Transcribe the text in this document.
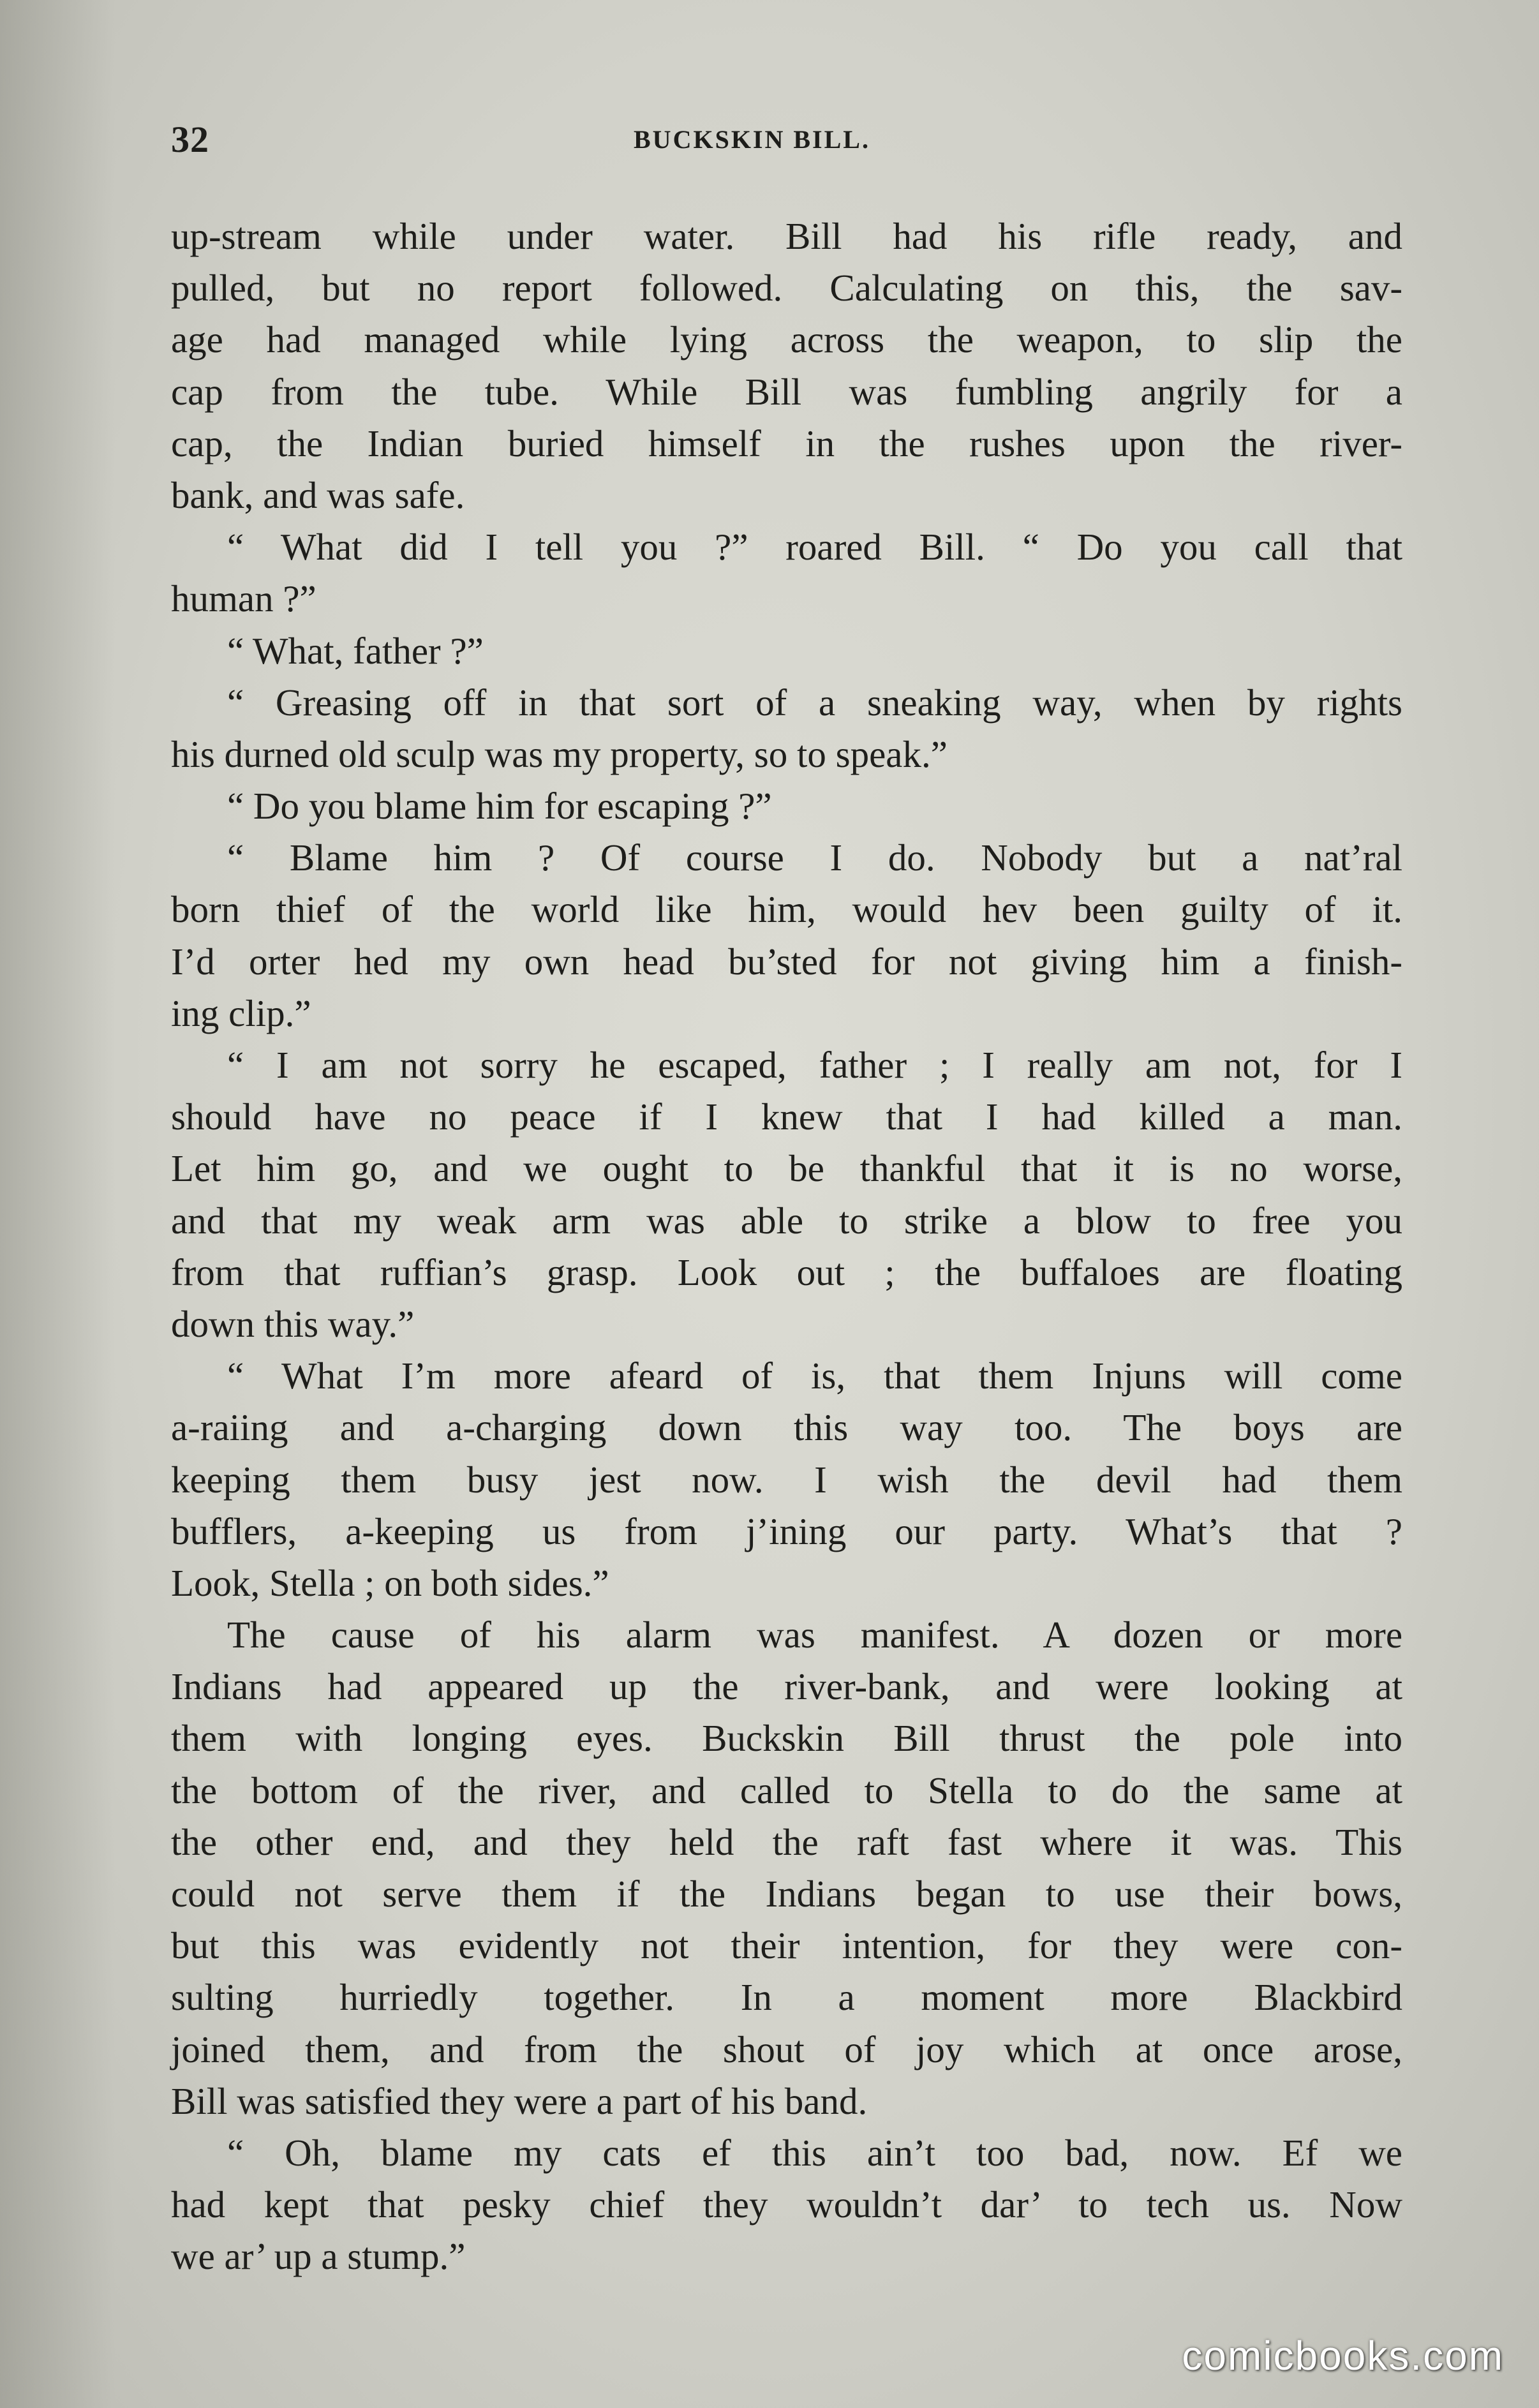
32	BUCKSKIN BILL.
up-stream while under water. Bill had his rifle ready, and
pulled, but no report followed. Calculating on this, the sav-
age had managed while lying across the weapon, to slip the
cap from the tube. While Bill was fumbling angrily for a
cap, the Indian buried himself in the rushes upon the river-
bank, and was safe.
“ What did I tell you ?” roared Bill. “ Do you call that
human ?”
“ What, father ?”
“ Greasing off in that sort of a sneaking way, when by rights
his durned old sculp was my property, so to speak.”
“ Do you blame him for escaping ?”
“ Blame him ? Of course I do. Nobody but a nat’ral
born thief of the world like him, would hev been guilty of it.
I’d orter hed my own head bu’sted for not giving him a finish-
ing clip.”
“ I am not sorry he escaped, father ; I really am not, for I
should have no peace if I knew that I had killed a man.
Let him go, and we ought to be thankful that it is no worse,
and that my weak arm was able to strike a blow to free you
from that ruffian’s grasp. Look out ; the buffaloes are floating
down this way.”
“ What I’m more afeard of is, that them Injuns will come
a-raiing and a-charging down this way too. The boys are
keeping them busy jest now. I wish the devil had them
bufflers, a-keeping us from j’ining our party. What’s that ?
Look, Stella ; on both sides.”
The cause of his alarm was manifest. A dozen or more
Indians had appeared up the river-bank, and were looking at
them with longing eyes. Buckskin Bill thrust the pole into
the bottom of the river, and called to Stella to do the same at
the other end, and they held the raft fast where it was. This
could not serve them if the Indians began to use their bows,
but this was evidently not their intention, for they were con-
sulting hurriedly together. In a moment more Blackbird
joined them, and from the shout of joy which at once arose,
Bill was satisfied they were a part of his band.
“ Oh, blame my cats ef this ain’t too bad, now. Ef we
had kept that pesky chief they wouldn’t dar’ to tech us. Now
we ar’ up a stump.”
comicbooks.com
